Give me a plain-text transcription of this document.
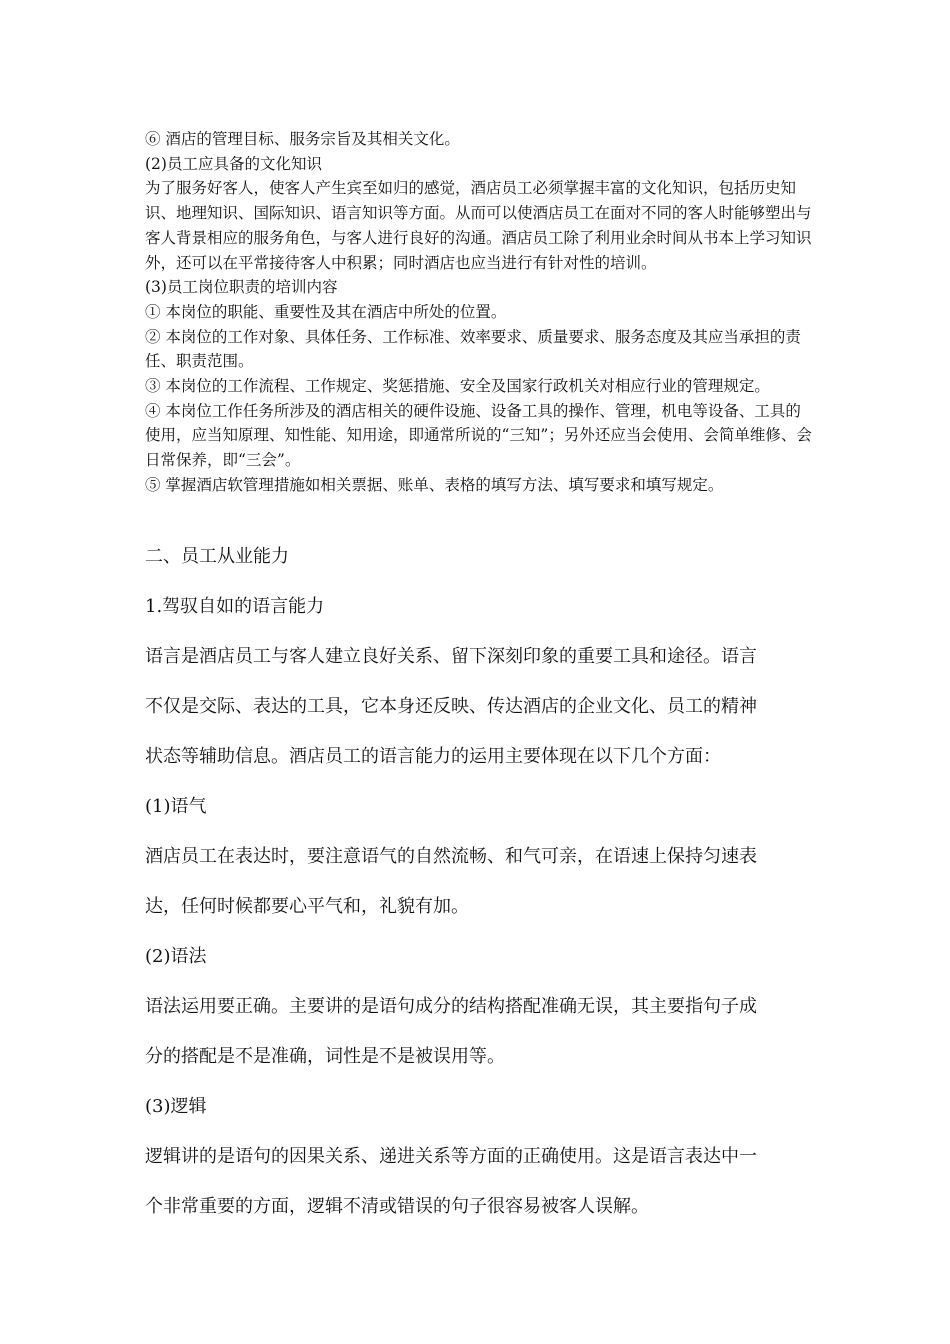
⑥ 酒店的管理目标、服务宗旨及其相关文化。

(2)员工应具备的文化知识

为了服务好客人，使客人产生宾至如归的感觉，酒店员工必须掌握丰富的文化知识，包括历史知识、地理知识、国际知识、语言知识等方面。从而可以使酒店员工在面对不同的客人时能够塑出与客人背景相应的服务角色，与客人进行良好的沟通。酒店员工除了利用业余时间从书本上学习知识外，还可以在平常接待客人中积累；同时酒店也应当进行有针对性的培训。

(3)员工岗位职责的培训内容

① 本岗位的职能、重要性及其在酒店中所处的位置。

② 本岗位的工作对象、具体任务、工作标准、效率要求、质量要求、服务态度及其应当承担的责任、职责范围。

③ 本岗位的工作流程、工作规定、奖惩措施、安全及国家行政机关对相应行业的管理规定。

④ 本岗位工作任务所涉及的酒店相关的硬件设施、设备工具的操作、管理，机电等设备、工具的使用，应当知原理、知性能、知用途，即通常所说的“三知”；另外还应当会使用、会简单维修、会日常保养，即“三会”。

⑤ 掌握酒店软管理措施如相关票据、账单、表格的填写方法、填写要求和填写规定。

二、员工从业能力

1.驾驭自如的语言能力

语言是酒店员工与客人建立良好关系、留下深刻印象的重要工具和途径。语言

不仅是交际、表达的工具，它本身还反映、传达酒店的企业文化、员工的精神

状态等辅助信息。酒店员工的语言能力的运用主要体现在以下几个方面：

(1)语气

酒店员工在表达时，要注意语气的自然流畅、和气可亲，在语速上保持匀速表

达，任何时候都要心平气和，礼貌有加。

(2)语法

语法运用要正确。主要讲的是语句成分的结构搭配准确无误，其主要指句子成

分的搭配是不是准确，词性是不是被误用等。

(3)逻辑

逻辑讲的是语句的因果关系、递进关系等方面的正确使用。这是语言表达中一

个非常重要的方面，逻辑不清或错误的句子很容易被客人误解。
